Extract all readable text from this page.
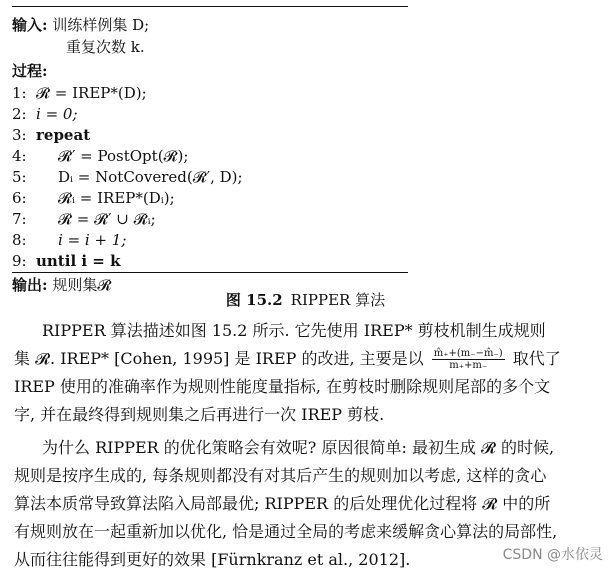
输入: 训练样例集 D;
重复次数 k.
过程:
1: 𝓡 = IREP*(D);
2: i = 0;
3: repeat
4: 𝓡′ = PostOpt(𝓡);
5: Dᵢ = NotCovered(𝓡′, D);
6: 𝓡ᵢ = IREP*(Dᵢ);
7: 𝓡 = 𝓡′ ∪ 𝓡ᵢ;
8: i = i + 1;
9: until i = k
输出: 规则集𝓡
图 15.2 RIPPER 算法
RIPPER 算法描述如图 15.2 所示. 它先使用 IREP* 剪枝机制生成规则
集 𝓡. IREP* [Cohen, 1995] 是 IREP 的改进, 主要是以 $\frac{m̂_++(m_--m̂_-)}{m_++m_-}$ 取代了
IREP 使用的准确率作为规则性能度量指标, 在剪枝时删除规则尾部的多个文
字, 并在最终得到规则集之后再进行一次 IREP 剪枝.
为什么 RIPPER 的优化策略会有效呢? 原因很简单: 最初生成 𝓡 的时候,
规则是按序生成的, 每条规则都没有对其后产生的规则加以考虑, 这样的贪心
算法本质常导致算法陷入局部最优; RIPPER 的后处理优化过程将 𝓡 中的所
有规则放在一起重新加以优化, 恰是通过全局的考虑来缓解贪心算法的局部性,
从而往往能得到更好的效果 [Fürnkranz et al., 2012].	CSDN @水依灵
